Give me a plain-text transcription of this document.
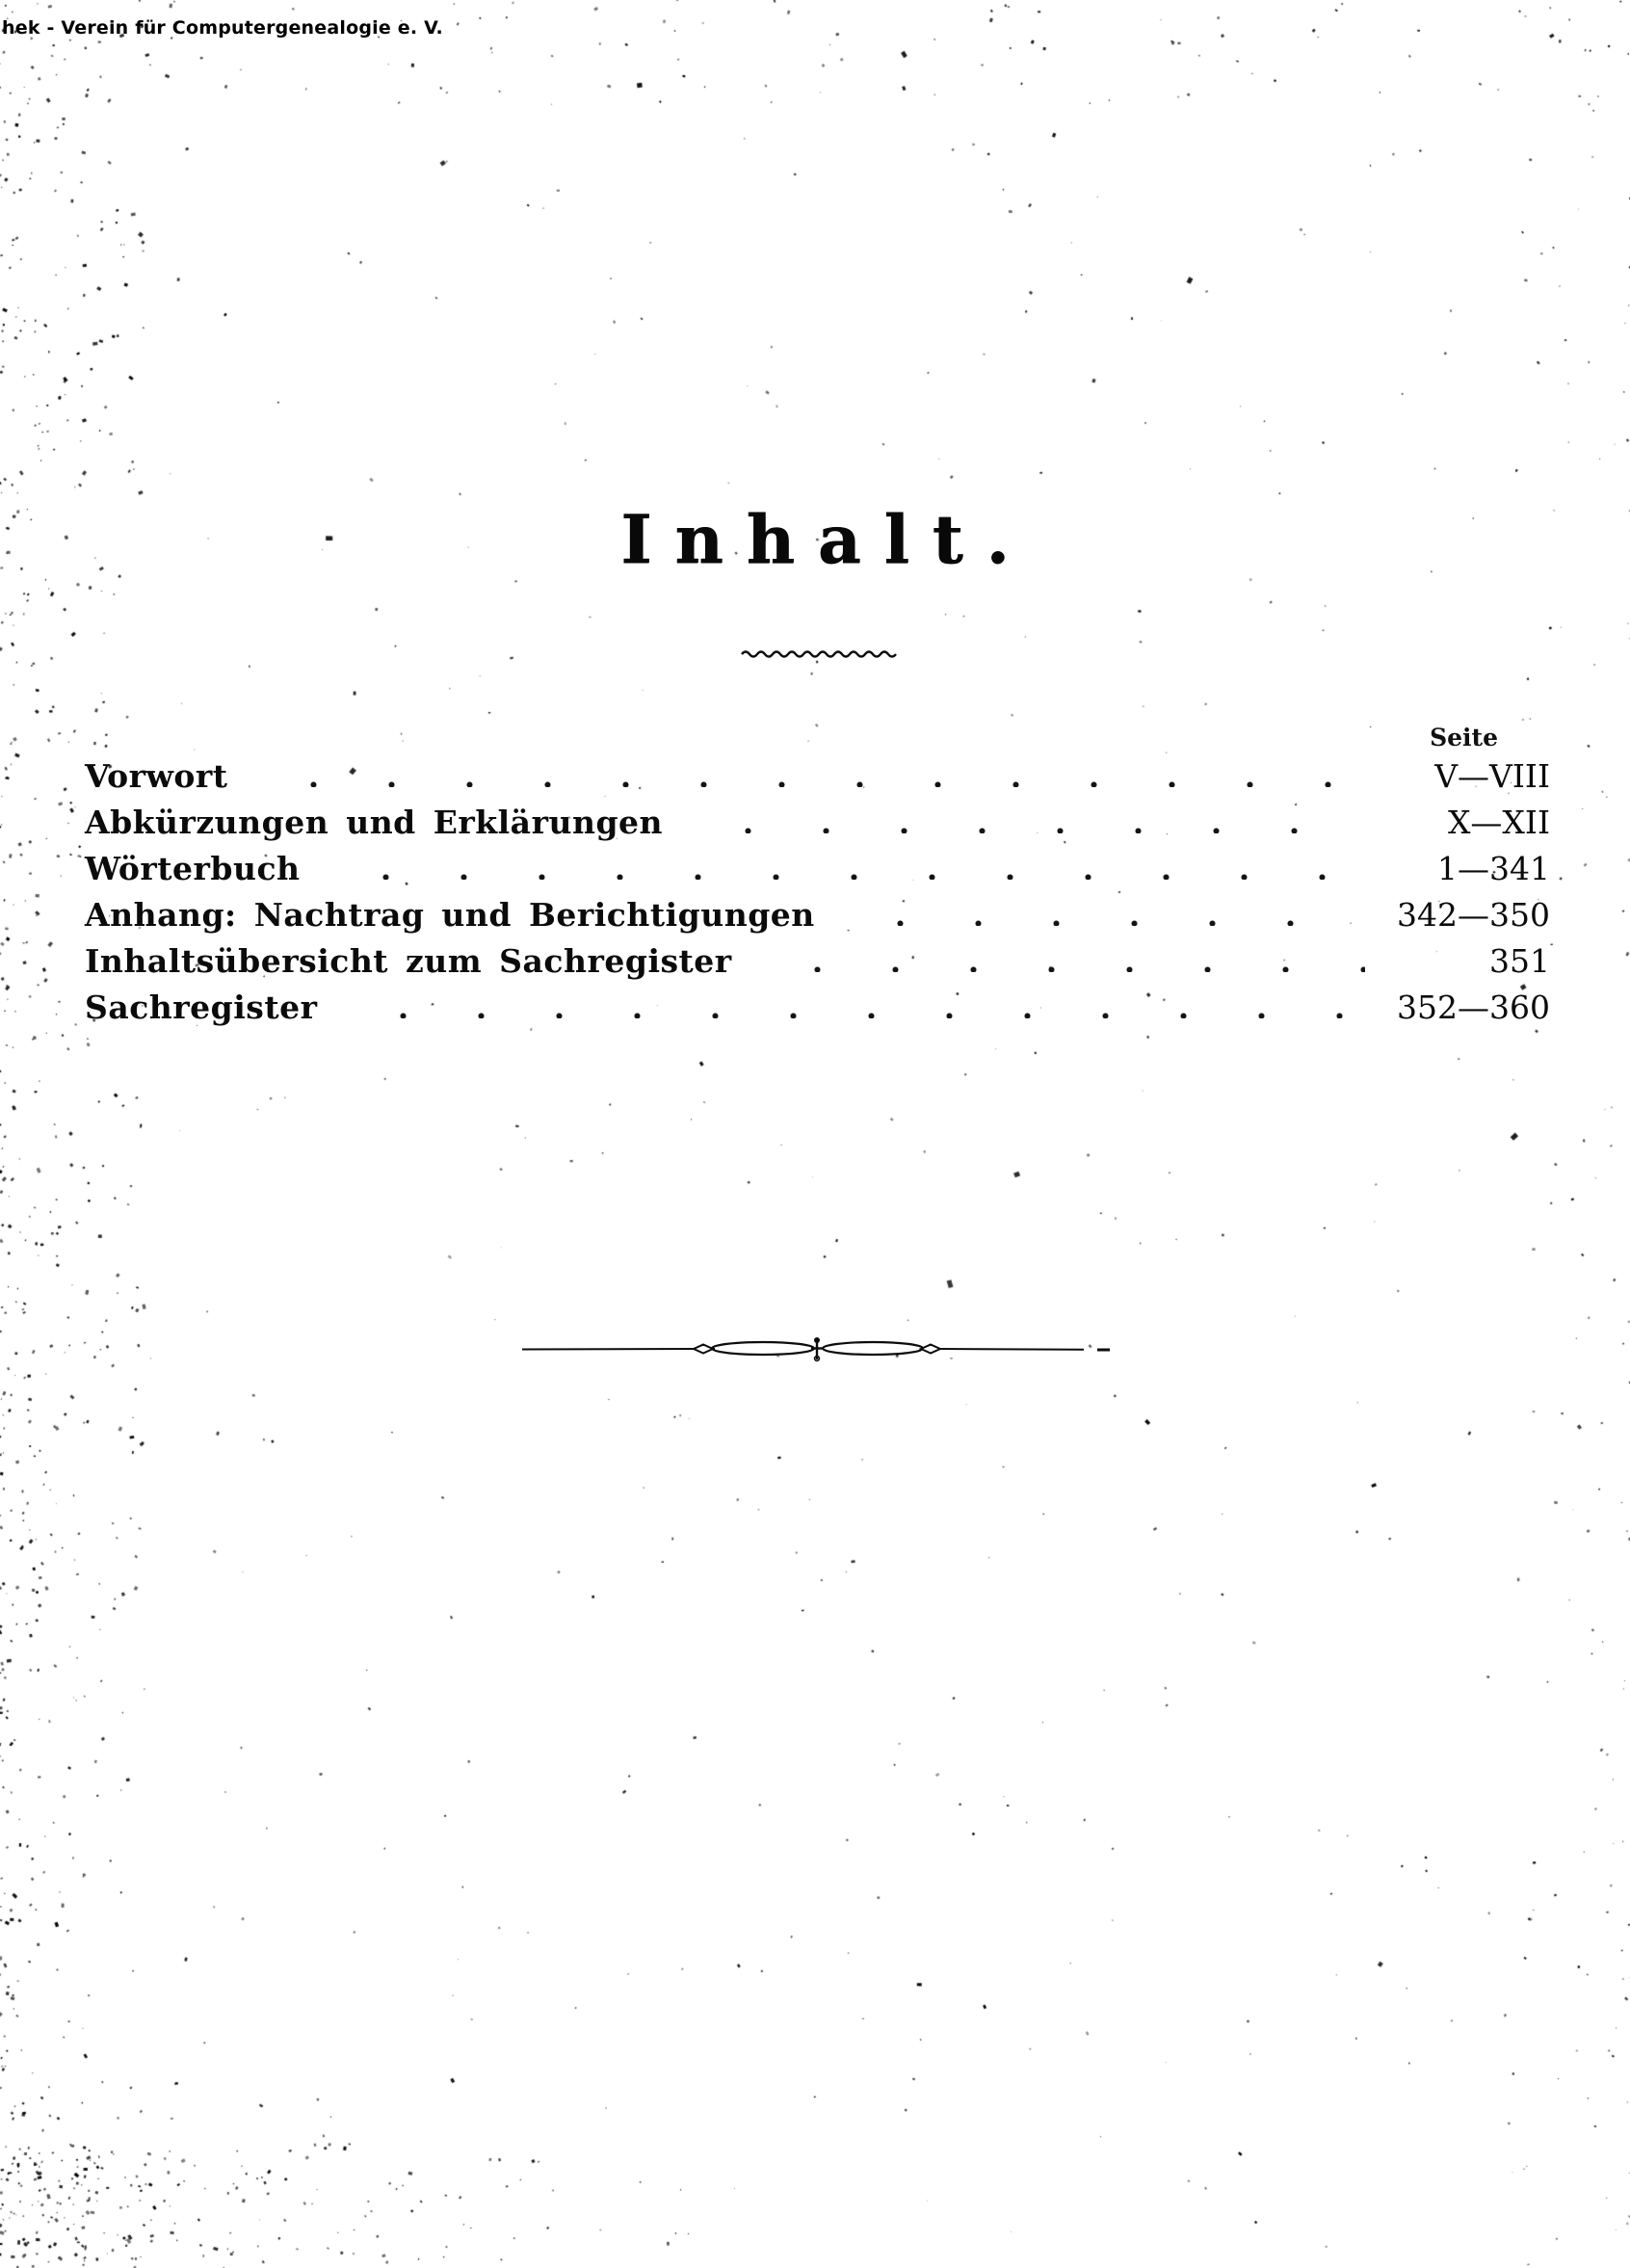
hek - Verein für Computergenealogie e. V.
Inhalt.
Seite
Vorwort	V—VIII
Abkürzungen und Erklärungen	X—XII
Wörterbuch	1—341
Anhang: Nachtrag und Berichtigungen	342—350
Inhaltsübersicht zum Sachregister	351
Sachregister	352—360
